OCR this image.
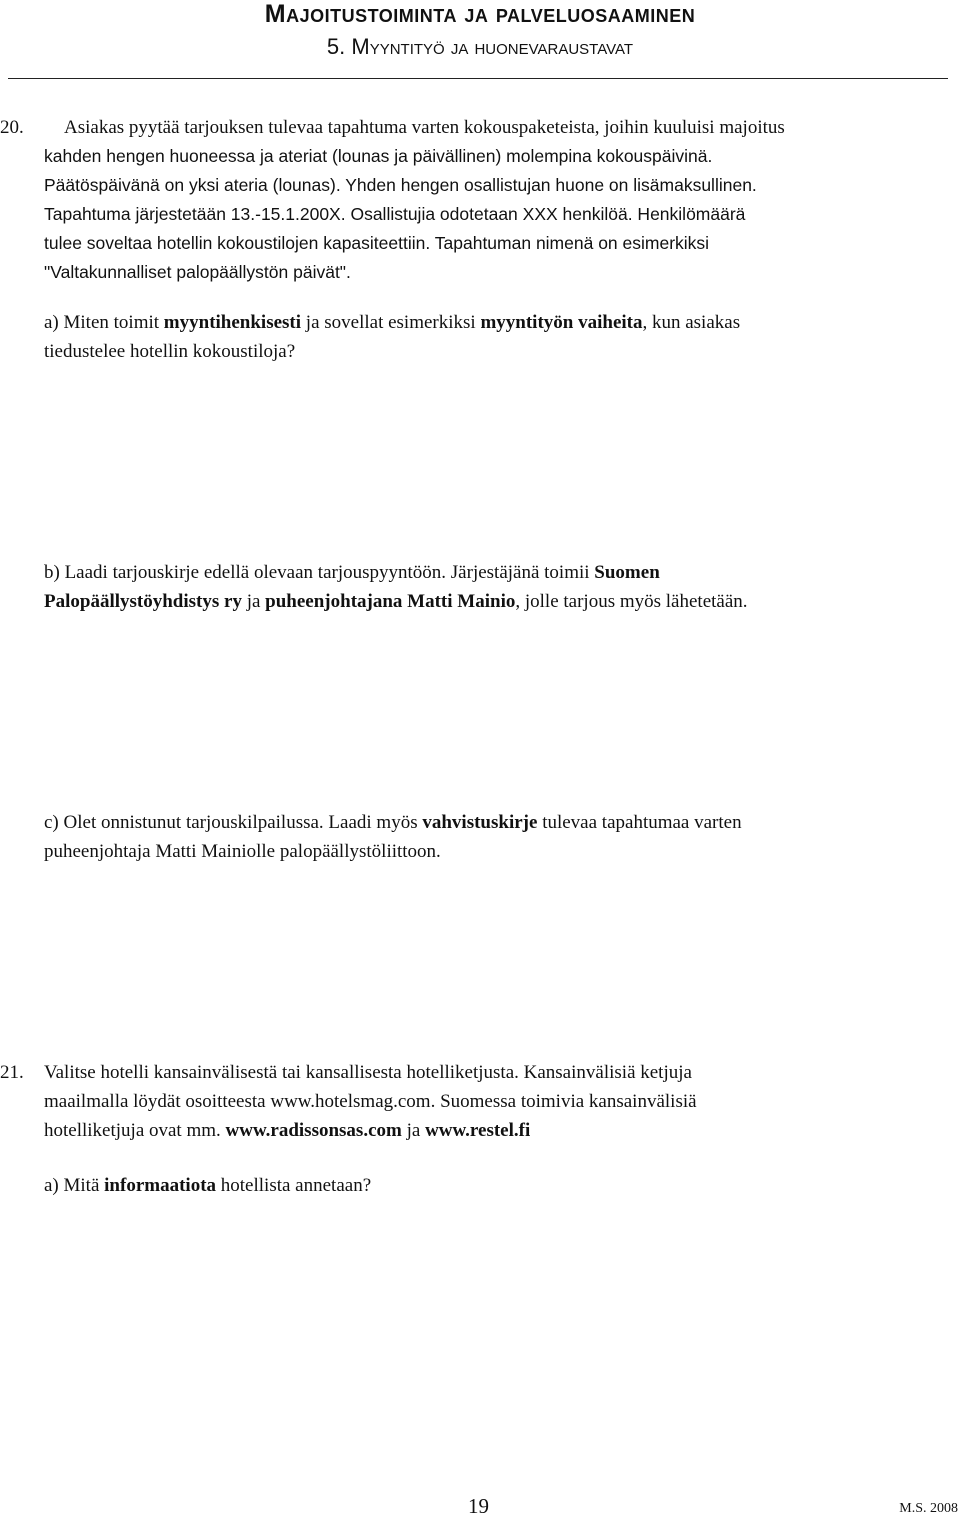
Majoitustoiminta ja palveluosaaminen
5. Myyntityö ja huonevaraustavat
20. Asiakas pyytää tarjouksen tulevaa tapahtuma varten kokouspaketeista, joihin kuuluisi majoitus
kahden hengen huoneessa ja ateriat (lounas ja päivällinen) molempina kokouspäivinä.
Päätöspäivänä on yksi ateria (lounas). Yhden hengen osallistujan huone on lisämaksullinen.
Tapahtuma järjestetään 13.-15.1.200X. Osallistujia odotetaan XXX henkilöä. Henkilömäärä
tulee soveltaa hotellin kokoustilojen kapasiteettiin. Tapahtuman nimenä on esimerkiksi
"Valtakunnalliset palopäällystön päivät".
a) Miten toimit myyntihenkisesti ja sovellat esimerkiksi myyntityön vaiheita, kun asiakas
tiedustelee hotellin kokoustiloja?
b) Laadi tarjouskirje edellä olevaan tarjouspyyntöön. Järjestäjänä toimii Suomen
Palopäällystöyhdistys ry ja puheenjohtajana Matti Mainio, jolle tarjous myös lähetetään.
c) Olet onnistunut tarjouskilpailussa. Laadi myös vahvistuskirje tulevaa tapahtumaa varten
puheenjohtaja Matti Mainiolle palopäällystöliittoon.
21. Valitse hotelli kansainvälisestä tai kansallisesta hotelliketjusta. Kansainvälisiä ketjuja
maailmalla löydät osoitteesta www.hotelsmag.com. Suomessa toimivia kansainvälisiä
hotelliketjuja ovat mm. www.radissonsas.com ja www.restel.fi
a) Mitä informaatiota hotellista annetaan?
19	M.S. 2008
